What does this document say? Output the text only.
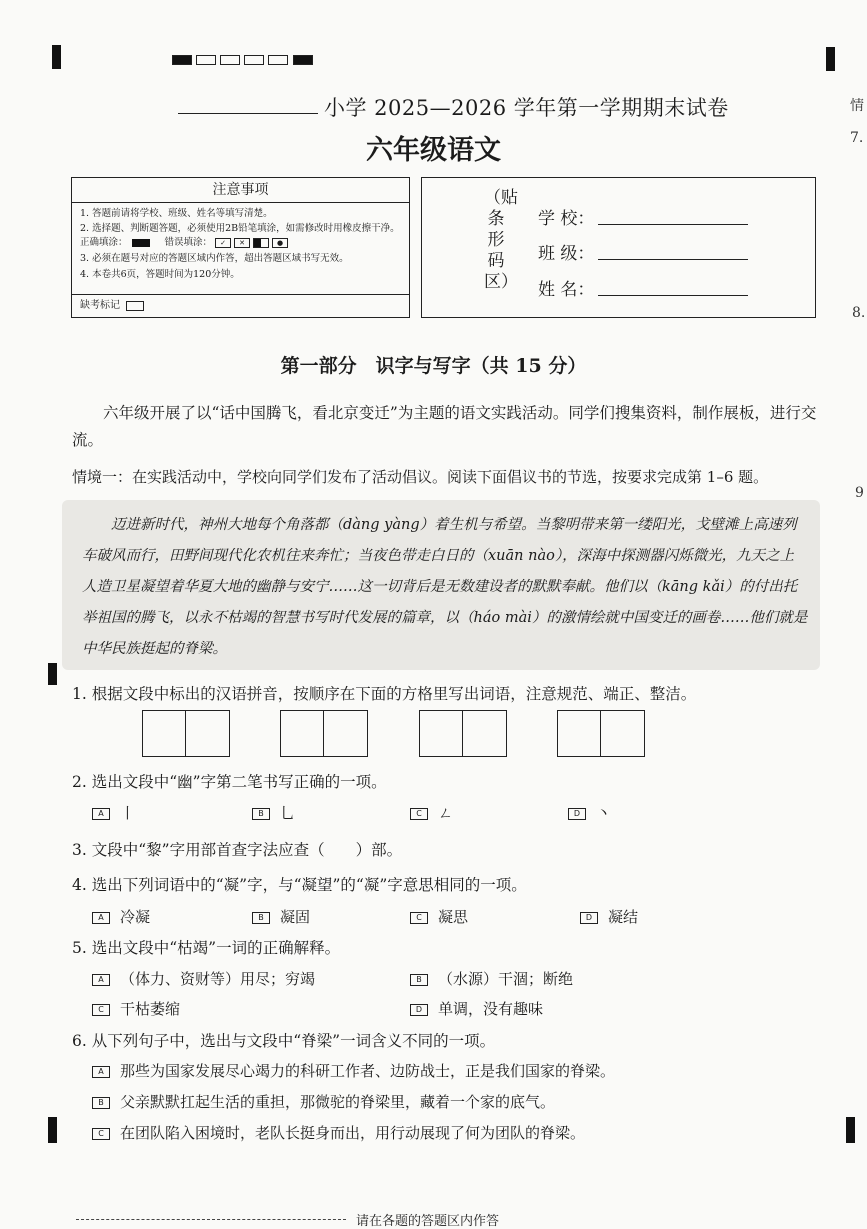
小学 2025—2026 学年第一学期期末试卷
六年级语文
注意事项
1. 答题前请将学校、班级、姓名等填写清楚。
2. 选择题、判断题答题，必须使用2B铅笔填涂，如需修改时用橡皮擦干净。
正确填涂：	错误填涂： ✓ ✕	●
3. 必须在题号对应的答题区域内作答，超出答题区域书写无效。
4. 本卷共6页，答题时间为120分钟。
缺考标记
（贴条形码区）
学 校：
班 级：
姓 名：
第一部分　识字与写字（共 15 分）
六年级开展了以“话中国腾飞，看北京变迁”为主题的语文实践活动。同学们搜集资料，制作展板，进行交流。
情境一：在实践活动中，学校向同学们发布了活动倡议。阅读下面倡议书的节选，按要求完成第 1–6 题。

迈进新时代，神州大地每个角落都（dàng yàng）着生机与希望。当黎明带来第一缕阳光，戈壁滩上高速列车破风而行，田野间现代化农机往来奔忙；当夜色带走白日的（xuān nào），深海中探测器闪烁微光，九天之上人造卫星凝望着华夏大地的幽静与安宁……这一切背后是无数建设者的默默奉献。他们以（kāng kǎi）的付出托举祖国的腾飞，以永不枯竭的智慧书写时代发展的篇章，以（háo mài）的激情绘就中国变迁的画卷……他们就是中华民族挺起的脊梁。

1. 根据文段中标出的汉语拼音，按顺序在下面的方格里写出词语，注意规范、端正、整洁。
2. 选出文段中“幽”字第二笔书写正确的一项。
A 丨	B 乚	C ㄥ	D 丶
3. 文段中“黎”字用部首查字法应查（　　）部。
4. 选出下列词语中的“凝”字，与“凝望”的“凝”字意思相同的一项。
A 冷凝	B 凝固	C 凝思	D 凝结
5. 选出文段中“枯竭”一词的正确解释。
A （体力、资财等）用尽；穷竭	B （水源）干涸；断绝
C 干枯萎缩	D 单调，没有趣味
6. 从下列句子中，选出与文段中“脊梁”一词含义不同的一项。
A 那些为国家发展尽心竭力的科研工作者、边防战士，正是我们国家的脊梁。
B 父亲默默扛起生活的重担，那微驼的脊梁里，藏着一个家的底气。
C 在团队陷入困境时，老队长挺身而出，用行动展现了何为团队的脊梁。
请在各题的答题区内作答
情
7.
8.
9
